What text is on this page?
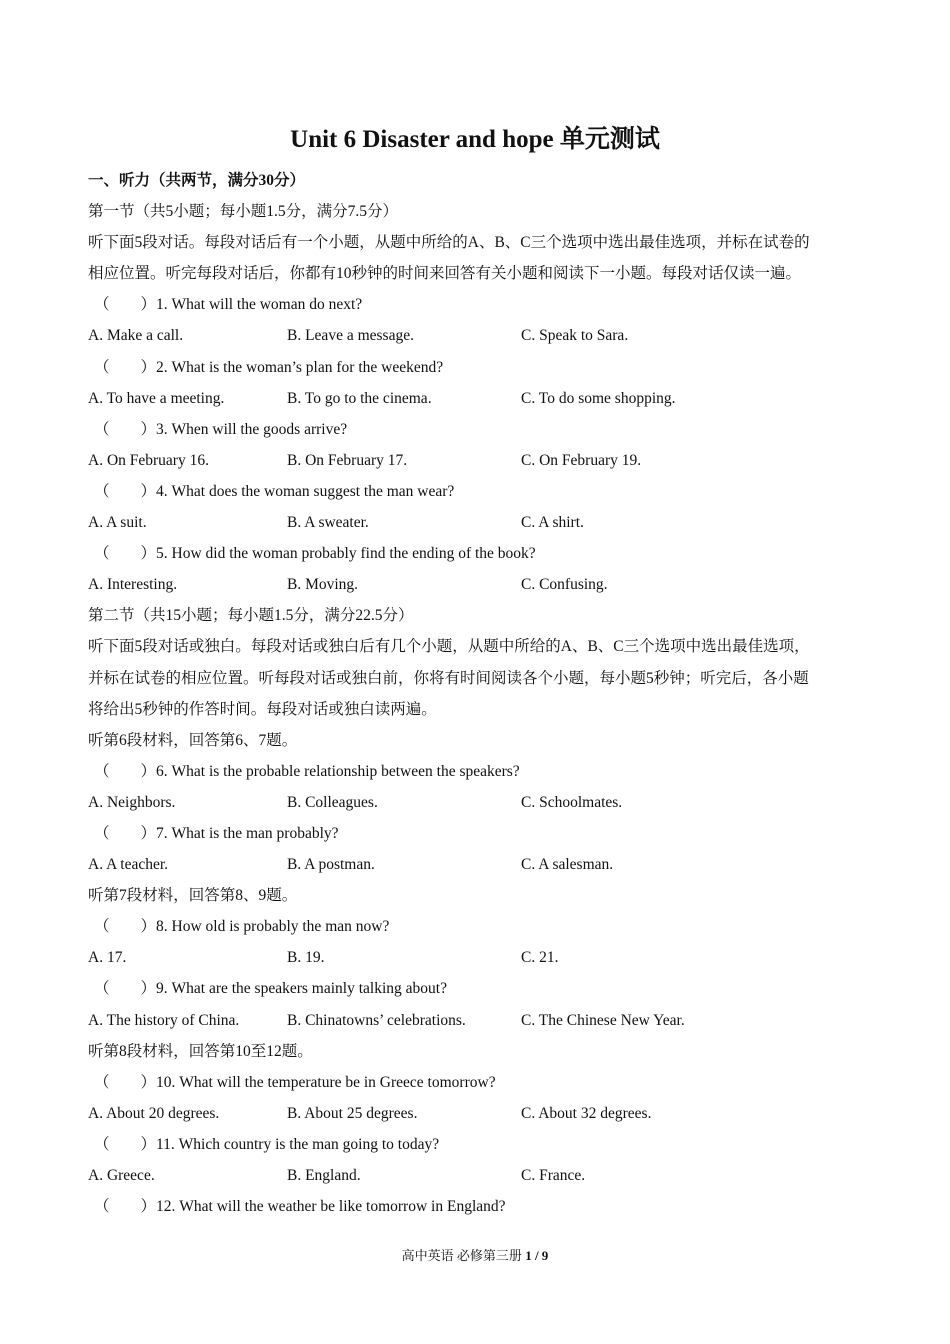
Unit 6 Disaster and hope 单元测试
一、听力（共两节，满分30分）
第一节（共5小题；每小题1.5分，满分7.5分）
听下面5段对话。每段对话后有一个小题，从题中所给的A、B、C三个选项中选出最佳选项，并标在试卷的
相应位置。听完每段对话后，你都有10秒钟的时间来回答有关小题和阅读下一小题。每段对话仅读一遍。
（　　）1. What will the woman do next?
A. Make a call.	B. Leave a message.	C. Speak to Sara.
（　　）2. What is the woman’s plan for the weekend?
A. To have a meeting.	B. To go to the cinema.	C. To do some shopping.
（　　）3. When will the goods arrive?
A. On February 16.	B. On February 17.	C. On February 19.
（　　）4. What does the woman suggest the man wear?
A. A suit.	B. A sweater.	C. A shirt.
（　　）5. How did the woman probably find the ending of the book?
A. Interesting.	B. Moving.	C. Confusing.
第二节（共15小题；每小题1.5分，满分22.5分）
听下面5段对话或独白。每段对话或独白后有几个小题，从题中所给的A、B、C三个选项中选出最佳选项，
并标在试卷的相应位置。听每段对话或独白前，你将有时间阅读各个小题，每小题5秒钟；听完后，各小题
将给出5秒钟的作答时间。每段对话或独白读两遍。
听第6段材料，回答第6、7题。
（　　）6. What is the probable relationship between the speakers?
A. Neighbors.	B. Colleagues.	C. Schoolmates.
（　　）7. What is the man probably?
A. A teacher.	B. A postman.	C. A salesman.
听第7段材料，回答第8、9题。
（　　）8. How old is probably the man now?
A. 17.	B. 19.	C. 21.
（　　）9. What are the speakers mainly talking about?
A. The history of China.	B. Chinatowns’ celebrations.	C. The Chinese New Year.
听第8段材料，回答第10至12题。
（　　）10. What will the temperature be in Greece tomorrow?
A. About 20 degrees.	B. About 25 degrees.	C. About 32 degrees.
（　　）11. Which country is the man going to today?
A. Greece.	B. England.	C. France.
（　　）12. What will the weather be like tomorrow in England?
高中英语 必修第三册 1 / 9
